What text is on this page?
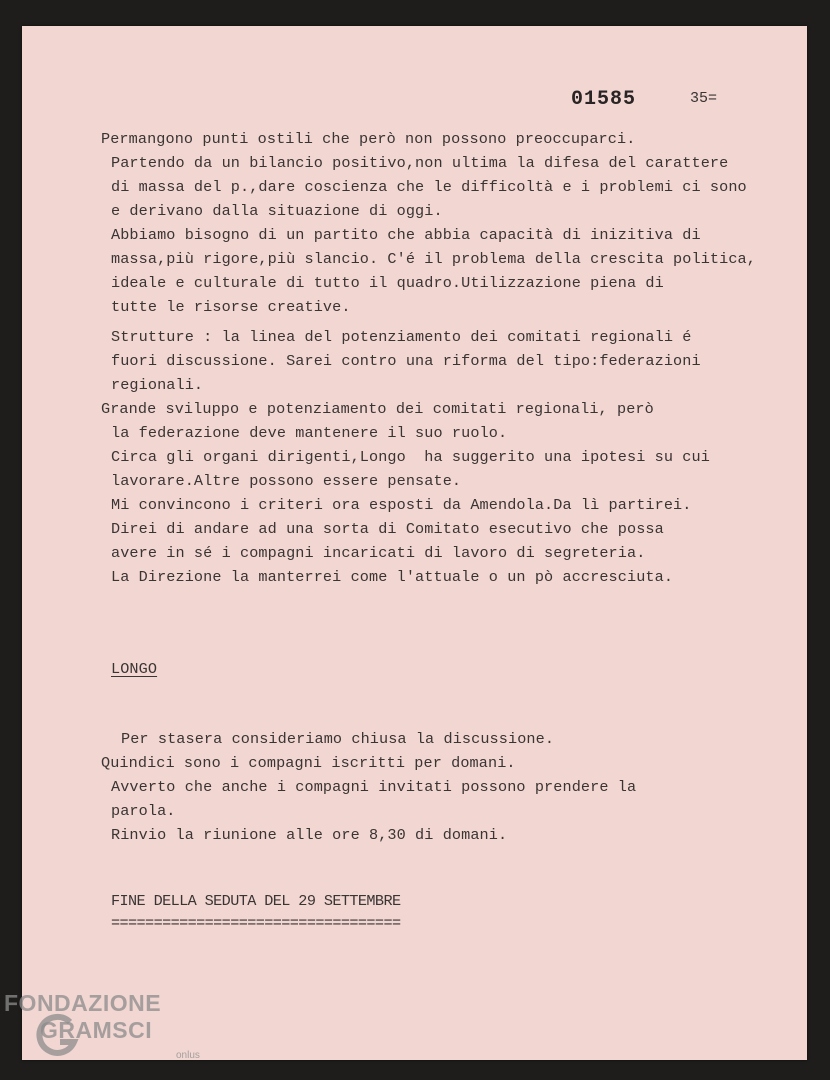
01585	35=
Permangono punti ostili che però non possono preoccuparci.
Partendo da un bilancio positivo,non ultima la difesa del carattere
di massa del p.,dare coscienza che le difficoltà e i problemi ci sono
e derivano dalla situazione di oggi.
Abbiamo bisogno di un partito che abbia capacità di inizitiva di
massa,più rigore,più slancio. C'é il problema della crescita politica,
ideale e culturale di tutto il quadro.Utilizzazione piena di
tutte le risorse creative.
Strutture : la linea del potenziamento dei comitati regionali é
fuori discussione. Sarei contro una riforma del tipo:federazioni
regionali.
Grande sviluppo e potenziamento dei comitati regionali, però
la federazione deve mantenere il suo ruolo.
Circa gli organi dirigenti,Longo  ha suggerito una ipotesi su cui
lavorare.Altre possono essere pensate.
Mi convincono i criteri ora esposti da Amendola.Da lì partirei.
Direi di andare ad una sorta di Comitato esecutivo che possa
avere in sé i compagni incaricati di lavoro di segreteria.
La Direzione la manterrei come l'attuale o un pò accresciuta.
LONGO
Per stasera consideriamo chiusa la discussione.
Quindici sono i compagni iscritti per domani.
Avverto che anche i compagni invitati possono prendere la
parola.
Rinvio la riunione alle ore 8,30 di domani.
FINE DELLA SEDUTA DEL 29 SETTEMBRE
==================================
FONDAZIONE
GRAMSCI
onlus
